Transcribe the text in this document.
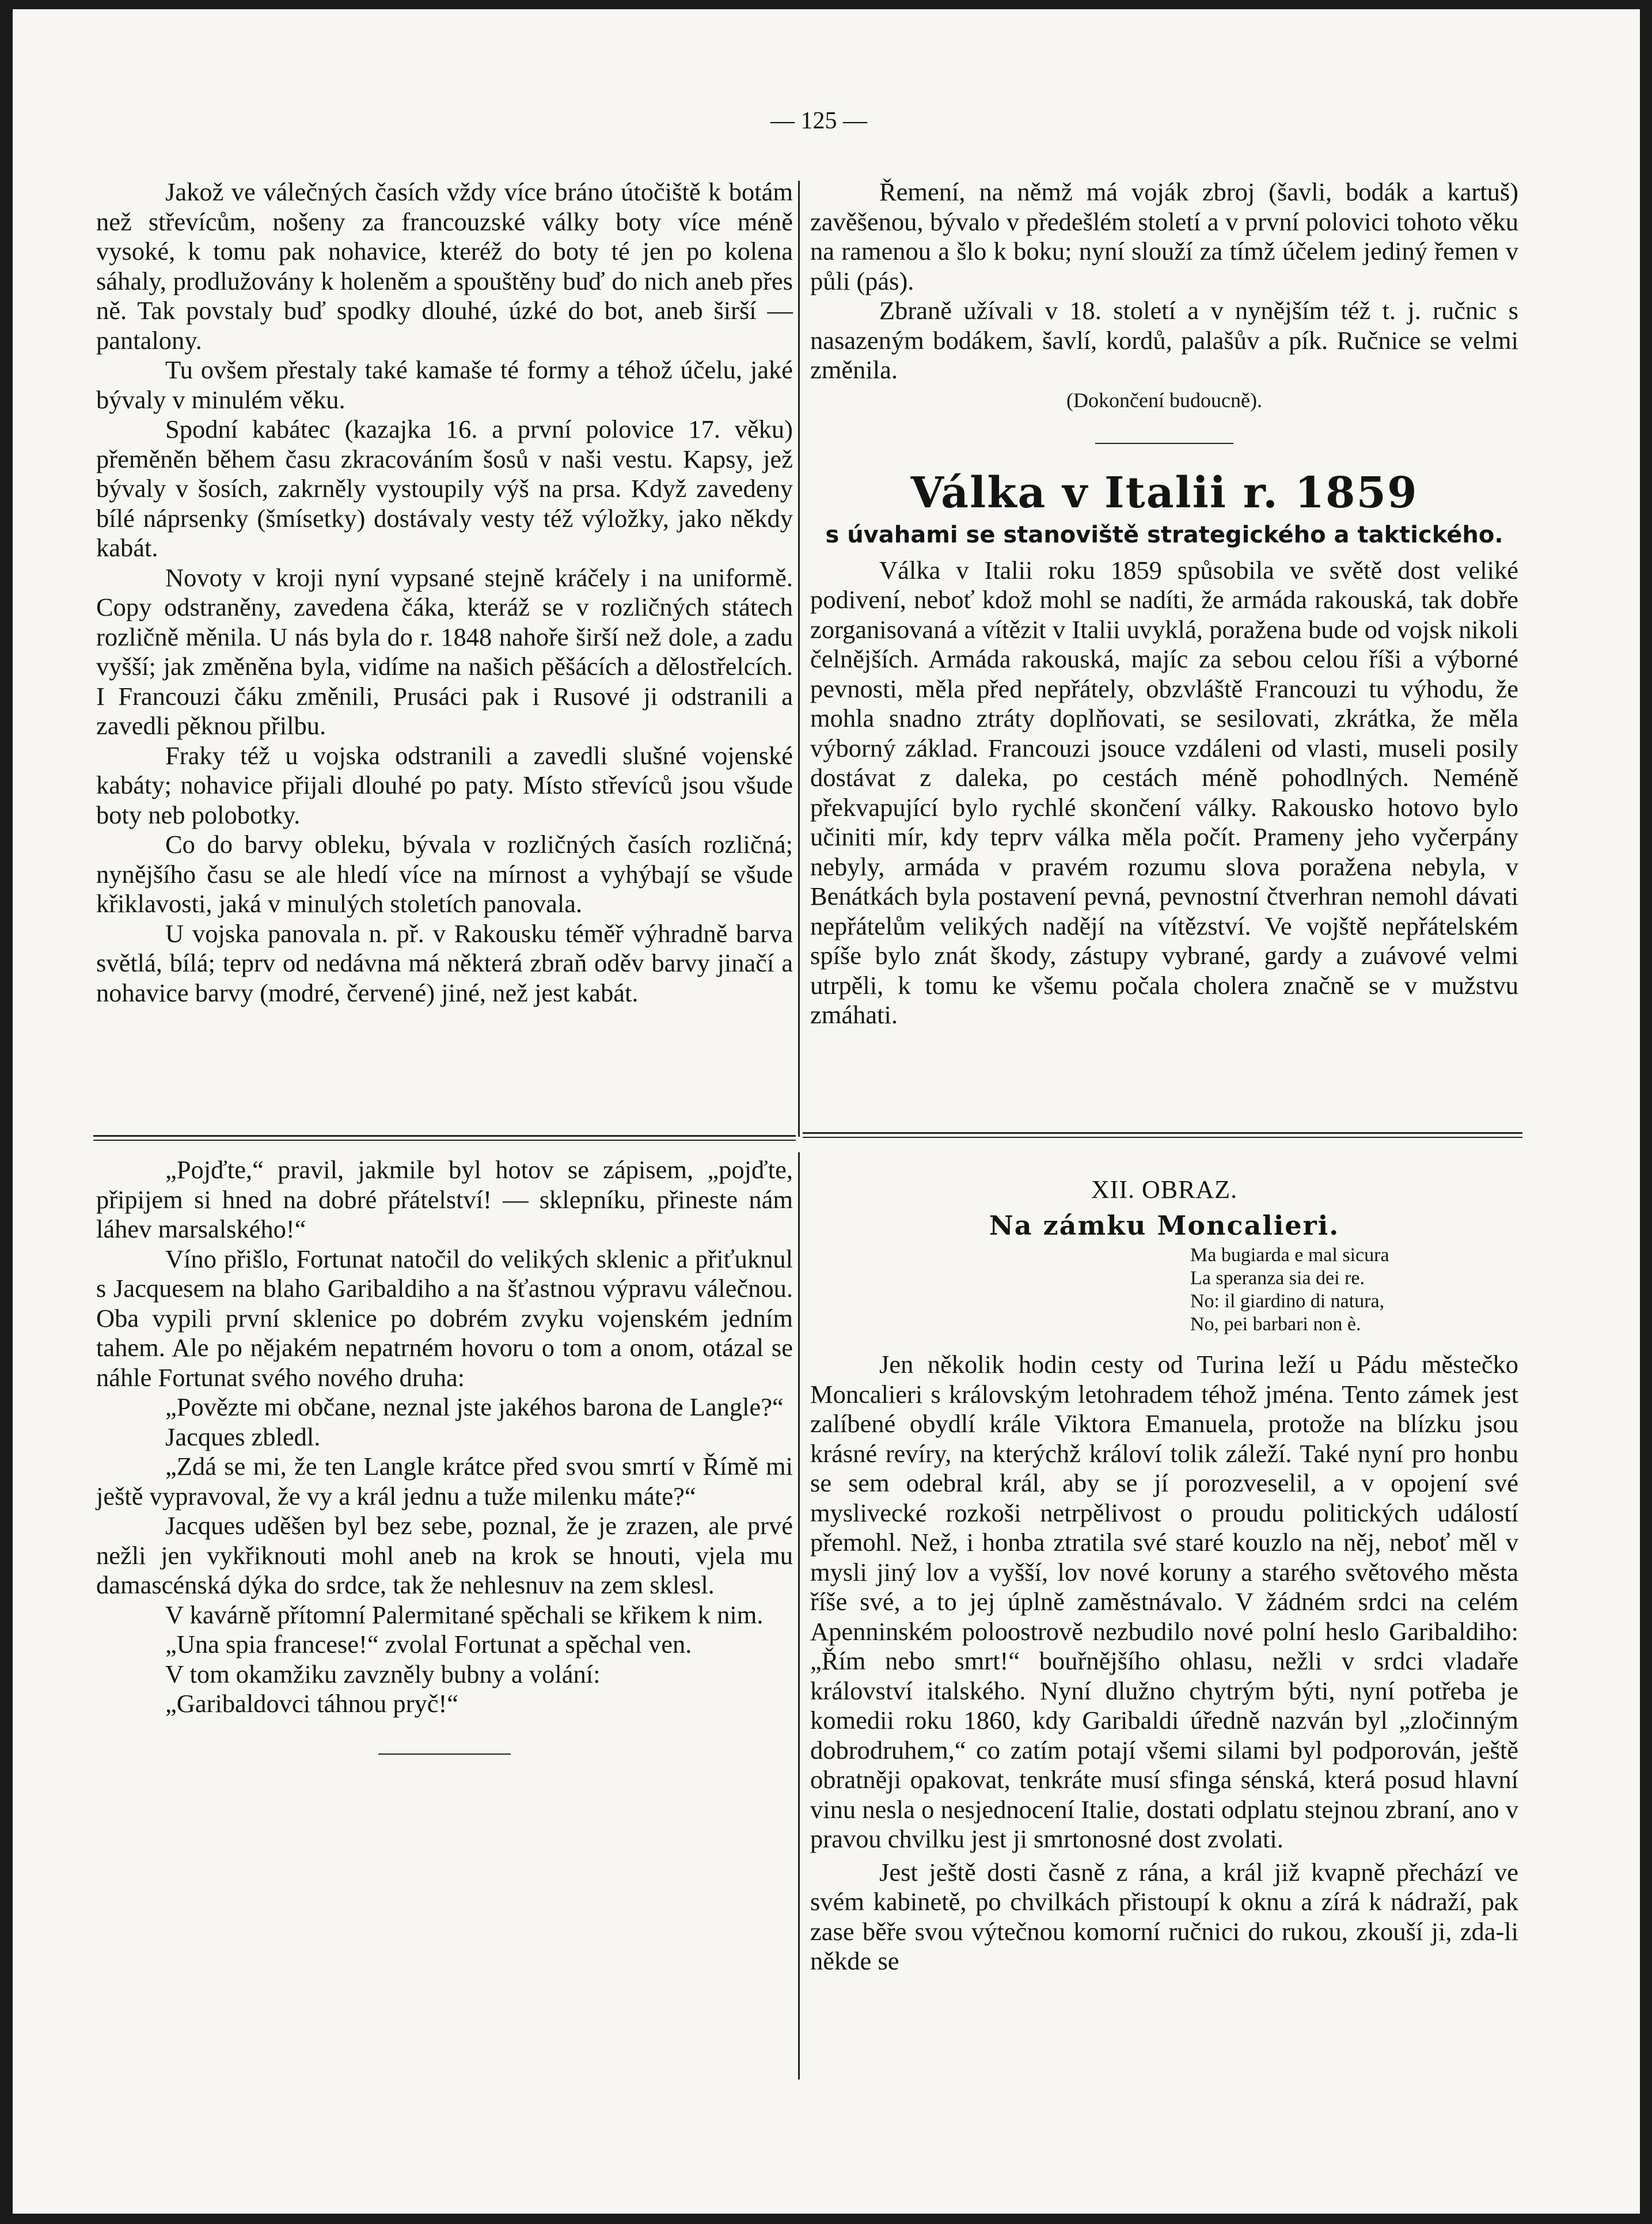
— 125 —

Jakož ve válečných časích vždy více bráno útočiště k botám než střevícům, nošeny za francouzské války boty více méně vysoké, k tomu pak nohavice, kteréž do boty té jen po kolena sáhaly, prodlužovány k holeněm a spouštěny buď do nich aneb přes ně. Tak povstaly buď spodky dlouhé, úzké do bot, aneb širší — pantalony.

Tu ovšem přestaly také kamaše té formy a téhož účelu, jaké bývaly v minulém věku.

Spodní kabátec (kazajka 16. a první polovice 17. věku) přeměněn během času zkracováním šosů v naši vestu. Kapsy, jež bývaly v šosích, zakrněly vystoupily výš na prsa. Když zavedeny bílé náprsenky (šmísetky) dostávaly vesty též výložky, jako někdy kabát.

Novoty v kroji nyní vypsané stejně kráčely i na uniformě. Copy odstraněny, zavedena čáka, kteráž se v rozličných státech rozličně měnila. U nás byla do r. 1848 nahoře širší než dole, a zadu vyšší; jak změněna byla, vidíme na našich pěšácích a dělostřelcích. I Francouzi čáku změnili, Prusáci pak i Rusové ji odstranili a zavedli pěknou přilbu.

Fraky též u vojska odstranili a zavedli slušné vojenské kabáty; nohavice přijali dlouhé po paty. Místo střevíců jsou všude boty neb polobotky.

Co do barvy obleku, bývala v rozličných časích rozličná; nynějšího času se ale hledí více na mírnost a vyhýbají se všude křiklavosti, jaká v minulých stoletích panovala.

U vojska panovala n. př. v Rakousku téměř výhradně barva světlá, bílá; teprv od nedávna má některá zbraň oděv barvy jinačí a nohavice barvy (modré, červené) jiné, než jest kabát.

Řemení, na němž má voják zbroj (šavli, bodák a kartuš) zavěšenou, bývalo v předešlém století a v první polovici tohoto věku na ramenou a šlo k boku; nyní slouží za tímž účelem jediný řemen v půli (pás).

Zbraně užívali v 18. století a v nynějším též t. j. ručnic s nasazeným bodákem, šavlí, kordů, palašův a pík. Ručnice se velmi změnila.

(Dokončení budoucně).

Válka v Italii r. 1859
s úvahami se stanoviště strategického a taktického.

Válka v Italii roku 1859 spůsobila ve světě dost veliké podivení, neboť kdož mohl se nadíti, že armáda rakouská, tak dobře zorganisovaná a vítězit v Italii uvyklá, poražena bude od vojsk nikoli čelnějších. Armáda rakouská, majíc za sebou celou říši a výborné pevnosti, měla před nepřátely, obzvláště Francouzi tu výhodu, že mohla snadno ztráty doplňovati, se sesilovati, zkrátka, že měla výborný základ. Francouzi jsouce vzdáleni od vlasti, museli posily dostávat z daleka, po cestách méně pohodlných. Neméně překvapující bylo rychlé skončení války. Rakousko hotovo bylo učiniti mír, kdy teprv válka měla počít. Prameny jeho vyčerpány nebyly, armáda v pravém rozumu slova poražena nebyla, v Benátkách byla postavení pevná, pevnostní čtverhran nemohl dávati nepřátelům velikých nadějí na vítězství. Ve vojště nepřátelském spíše bylo znát škody, zástupy vybrané, gardy a zuávové velmi utrpěli, k tomu ke všemu počala cholera značně se v mužstvu zmáhati.

„Pojďte,“ pravil, jakmile byl hotov se zápisem, „pojďte, připijem si hned na dobré přátelství! — sklepníku, přineste nám láhev marsalského!“

Víno přišlo, Fortunat natočil do velikých sklenic a přiťuknul s Jacquesem na blaho Garibaldiho a na šťastnou výpravu válečnou. Oba vypili první sklenice po dobrém zvyku vojenském jedním tahem. Ale po nějakém nepatrném hovoru o tom a onom, otázal se náhle Fortunat svého nového druha:

„Povězte mi občane, neznal jste jakéhos barona de Langle?“

Jacques zbledl.

„Zdá se mi, že ten Langle krátce před svou smrtí v Římě mi ještě vypravoval, že vy a král jednu a tuže milenku máte?“

Jacques uděšen byl bez sebe, poznal, že je zrazen, ale prvé nežli jen vykřiknouti mohl aneb na krok se hnouti, vjela mu damascénská dýka do srdce, tak že nehlesnuv na zem sklesl.

V kavárně přítomní Palermitané spěchali se křikem k nim.

„Una spia francese!“ zvolal Fortunat a spěchal ven.

V tom okamžiku zavzněly bubny a volání:

„Garibaldovci táhnou pryč!“

XII. OBRAZ.
Na zámku Moncalieri.
Ma bugiarda e mal sicura
La speranza sia dei re.
No: il giardino di natura,
No, pei barbari non è.

Jen několik hodin cesty od Turina leží u Pádu městečko Moncalieri s královským letohradem téhož jména. Tento zámek jest zalíbené obydlí krále Viktora Emanuela, protože na blízku jsou krásné revíry, na kterýchž královí tolik záleží. Také nyní pro honbu se sem odebral král, aby se jí porozveselil, a v opojení své myslivecké rozkoši netrpělivost o proudu politických událostí přemohl. Než, i honba ztratila své staré kouzlo na něj, neboť měl v mysli jiný lov a vyšší, lov nové koruny a starého světového města říše své, a to jej úplně zaměstnávalo. V žádném srdci na celém Apenninském poloostrově nezbudilo nové polní heslo Garibaldiho: „Řím nebo smrt!“ bouřnějšího ohlasu, nežli v srdci vladaře království italského. Nyní dlužno chytrým býti, nyní potřeba je komedii roku 1860, kdy Garibaldi úředně nazván byl „zločinným dobrodruhem,“ co zatím potají všemi silami byl podporován, ještě obratněji opakovat, tenkráte musí sfinga sénská, která posud hlavní vinu nesla o nesjednocení Italie, dostati odplatu stejnou zbraní, ano v pravou chvilku jest ji smrtonosné dost zvolati.

Jest ještě dosti časně z rána, a král již kvapně přechází ve svém kabinetě, po chvilkách přistoupí k oknu a zírá k nádraží, pak zase běře svou výtečnou komorní ručnici do rukou, zkouší ji, zda-li někde se
